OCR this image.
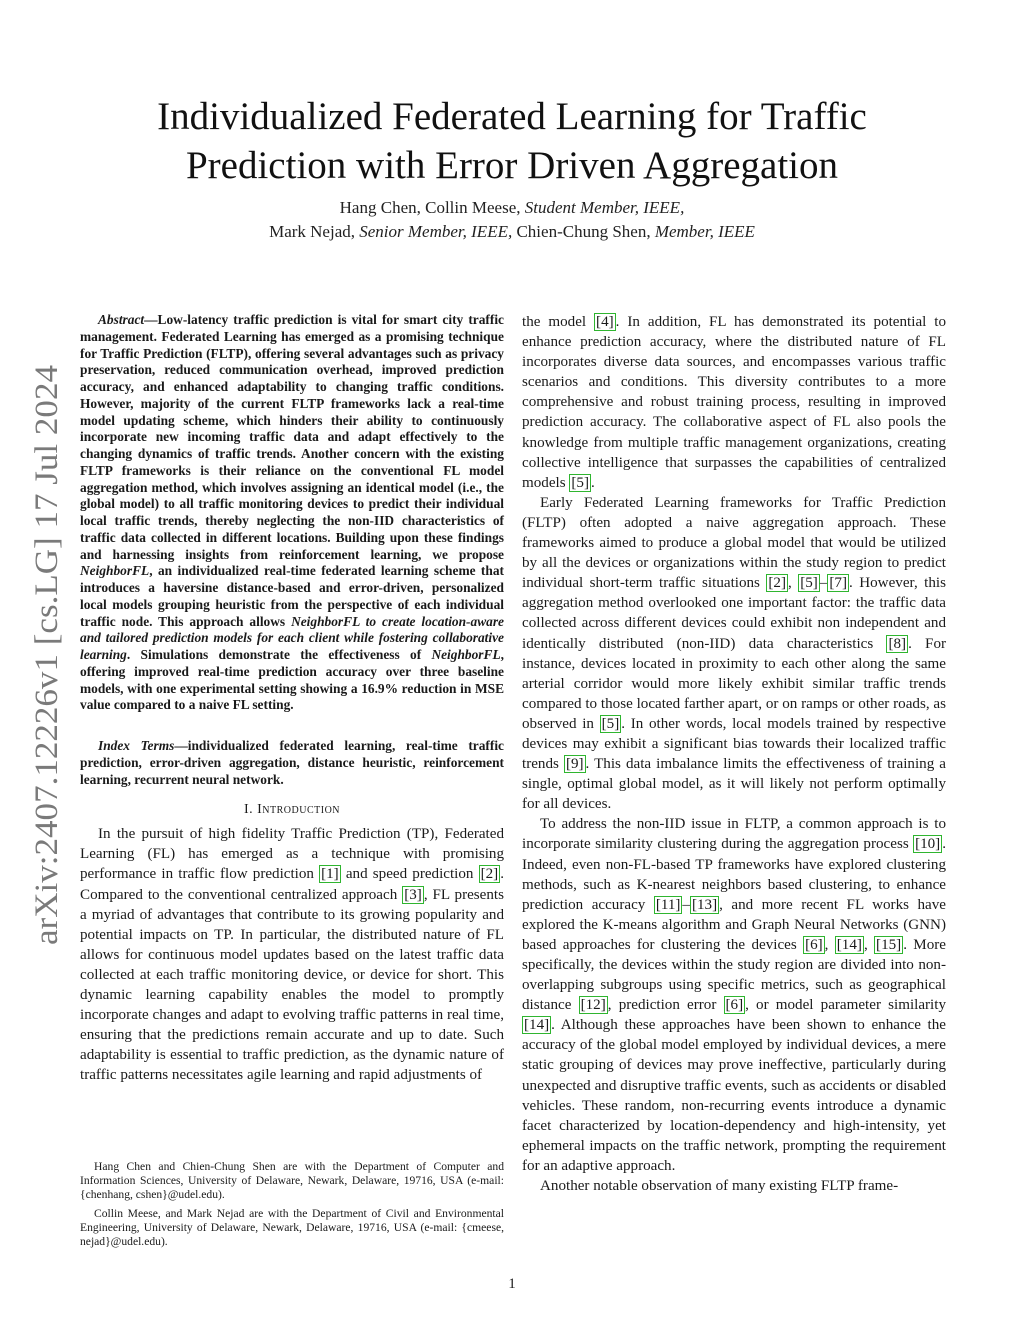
arXiv:2407.12226v1 [cs.LG] 17 Jul 2024
Individualized Federated Learning for Traffic
Prediction with Error Driven Aggregation
Hang Chen, Collin Meese, Student Member, IEEE,
Mark Nejad, Senior Member, IEEE, Chien-Chung Shen, Member, IEEE

Abstract—Low-latency traffic prediction is vital for smart city traffic management. Federated Learning has emerged as a promising technique for Traffic Prediction (FLTP), offering several advantages such as privacy preservation, reduced communication overhead, improved prediction accuracy, and enhanced adaptability to changing traffic conditions. However, majority of the current FLTP frameworks lack a real-time model updating scheme, which hinders their ability to continuously incorporate new incoming traffic data and adapt effectively to the changing dynamics of traffic trends. Another concern with the existing FLTP frameworks is their reliance on the conventional FL model aggregation method, which involves assigning an identical model (i.e., the global model) to all traffic monitoring devices to predict their individual local traffic trends, thereby neglecting the non-IID characteristics of traffic data collected in different locations. Building upon these findings and harnessing insights from reinforcement learning, we propose NeighborFL, an individualized real-time federated learning scheme that introduces a haversine distance-based and error-driven, personalized local models grouping heuristic from the perspective of each individual traffic node. This approach allows NeighborFL to create location-aware and tailored prediction models for each client while fostering collaborative learning. Simulations demonstrate the effectiveness of NeighborFL, offering improved real-time prediction accuracy over three baseline models, with one experimental setting showing a 16.9% reduction in MSE value compared to a naive FL setting.

Index Terms—individualized federated learning, real-time traffic prediction, error-driven aggregation, distance heuristic, reinforcement learning, recurrent neural network.

I. Introduction

In the pursuit of high fidelity Traffic Prediction (TP), Federated Learning (FL) has emerged as a technique with promising performance in traffic flow prediction [1] and speed prediction [2] . Compared to the conventional centralized approach [3] , FL presents a myriad of advantages that contribute to its growing popularity and potential impacts on TP. In particular, the distributed nature of FL allows for continuous model updates based on the latest traffic data collected at each traffic monitoring device, or device for short. This dynamic learning capability enables the model to promptly incorporate changes and adapt to evolving traffic patterns in real time, ensuring that the predictions remain accurate and up to date. Such adaptability is essential to traffic prediction, as the dynamic nature of traffic patterns necessitates agile learning and rapid adjustments of

Hang Chen and Chien-Chung Shen are with the Department of Computer and Information Sciences, University of Delaware, Newark, Delaware, 19716, USA (e-mail: {chenhang, cshen}@udel.edu).

Collin Meese, and Mark Nejad are with the Department of Civil and Environmental Engineering, University of Delaware, Newark, Delaware, 19716, USA (e-mail: {cmeese, nejad}@udel.edu).

the model [4] . In addition, FL has demonstrated its potential to enhance prediction accuracy, where the distributed nature of FL incorporates diverse data sources, and encompasses various traffic scenarios and conditions. This diversity contributes to a more comprehensive and robust training process, resulting in improved prediction accuracy. The collaborative aspect of FL also pools the knowledge from multiple traffic management organizations, creating collective intelligence that surpasses the capabilities of centralized models [5] .

Early Federated Learning frameworks for Traffic Prediction (FLTP) often adopted a naive aggregation approach. These frameworks aimed to produce a global model that would be utilized by all the devices or organizations within the study region to predict individual short-term traffic situations [2] , [5] – [7] . However, this aggregation method overlooked one important factor: the traffic data collected across different devices could exhibit non independent and identically distributed (non-IID) data characteristics [8] . For instance, devices located in proximity to each other along the same arterial corridor would more likely exhibit similar traffic trends compared to those located farther apart, or on ramps or other roads, as observed in [5] . In other words, local models trained by respective devices may exhibit a significant bias towards their localized traffic trends [9] . This data imbalance limits the effectiveness of training a single, optimal global model, as it will likely not perform optimally for all devices.

To address the non-IID issue in FLTP, a common approach is to incorporate similarity clustering during the aggregation process [10] . Indeed, even non-FL-based TP frameworks have explored clustering methods, such as K-nearest neighbors based clustering, to enhance prediction accuracy [11] – [13] , and more recent FL works have explored the K-means algorithm and Graph Neural Networks (GNN) based approaches for clustering the devices [6] , [14] , [15] . More specifically, the devices within the study region are divided into non-overlapping subgroups using specific metrics, such as geographical distance [12] , prediction error [6] , or model parameter similarity [14] . Although these approaches have been shown to enhance the accuracy of the global model employed by individual devices, a mere static grouping of devices may prove ineffective, particularly during unexpected and disruptive traffic events, such as accidents or disabled vehicles. These random, non-recurring events introduce a dynamic facet characterized by location-dependency and high-intensity, yet ephemeral impacts on the traffic network, prompting the requirement for an adaptive approach.

Another notable observation of many existing FLTP frame-

1
